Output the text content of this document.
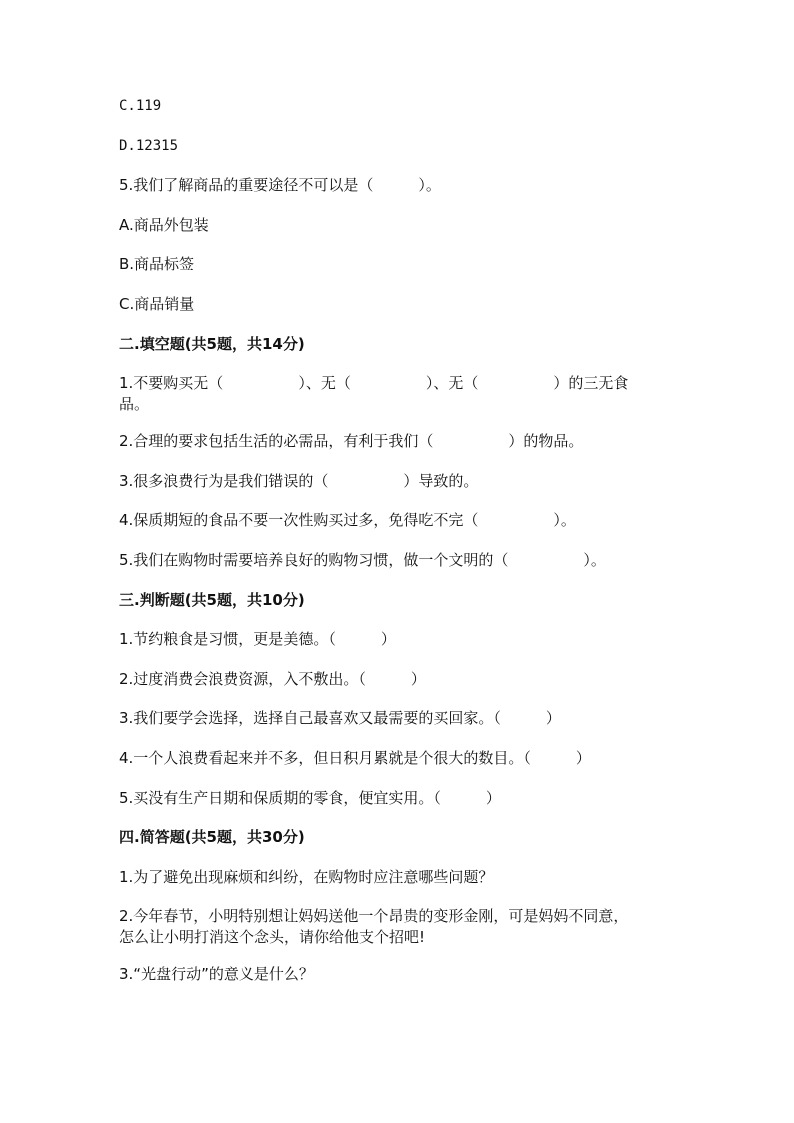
C.119
D.12315
5.我们了解商品的重要途径不可以是（　　　）。
A.商品外包装
B.商品标签
C.商品销量
二.填空题(共5题，共14分)
1.不要购买无（　　　　　）、无（　　　　　）、无（　　　　　）的三无食
品。
2.合理的要求包括生活的必需品，有利于我们（　　　　　）的物品。
3.很多浪费行为是我们错误的（　　　　　）导致的。
4.保质期短的食品不要一次性购买过多，免得吃不完（　　　　　）。
5.我们在购物时需要培养良好的购物习惯，做一个文明的（　　　　　）。
三.判断题(共5题，共10分)
1.节约粮食是习惯，更是美德。（　　　）
2.过度消费会浪费资源，入不敷出。（　　　）
3.我们要学会选择，选择自己最喜欢又最需要的买回家。（　　　）
4.一个人浪费看起来并不多，但日积月累就是个很大的数目。（　　　）
5.买没有生产日期和保质期的零食，便宜实用。（　　　）
四.简答题(共5题，共30分)
1.为了避免出现麻烦和纠纷，在购物时应注意哪些问题？
2.今年春节，小明特别想让妈妈送他一个昂贵的变形金刚，可是妈妈不同意，
怎么让小明打消这个念头，请你给他支个招吧!
3.“光盘行动”的意义是什么？
